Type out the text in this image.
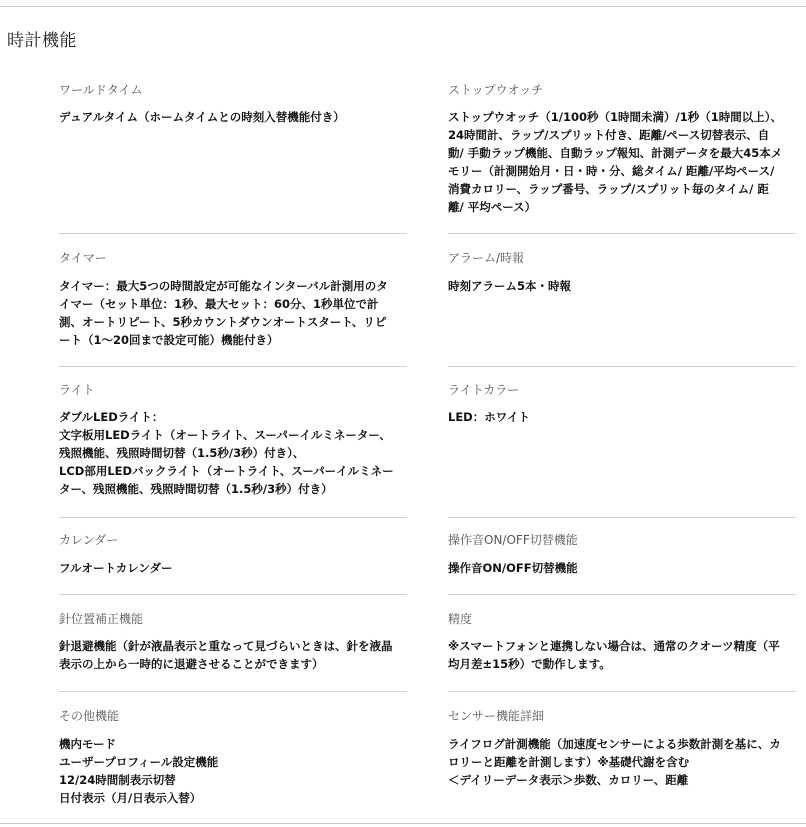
時計機能
ワールドタイム
デュアルタイム（ホームタイムとの時刻入替機能付き）
タイマー
タイマー：最大5つの時間設定が可能なインターバル計測用のタ
イマー（セット単位：1秒、最大セット：60分、1秒単位で計
測、オートリピート、5秒カウントダウンオートスタート、リピ
ート（1〜20回まで設定可能）機能付き）
ライト
ダブルLEDライト：
文字板用LEDライト（オートライト、スーパーイルミネーター、
残照機能、残照時間切替（1.5秒/3秒）付き）、
LCD部用LEDバックライト（オートライト、スーパーイルミネー
ター、残照機能、残照時間切替（1.5秒/3秒）付き）
カレンダー
フルオートカレンダー
針位置補正機能
針退避機能（針が液晶表示と重なって見づらいときは、針を液晶
表示の上から一時的に退避させることができます）
その他機能
機内モード
ユーザープロフィール設定機能
12/24時間制表示切替
日付表示（月/日表示入替）
ストップウオッチ
ストップウオッチ（1/100秒（1時間未満）/1秒（1時間以上）、
24時間計、ラップ/スプリット付き、距離/ペース切替表示、自
動/ 手動ラップ機能、自動ラップ報知、計測データを最大45本メ
モリー（計測開始月・日・時・分、総タイム/ 距離/平均ペース/
消費カロリー、ラップ番号、ラップ/スプリット毎のタイム/ 距
離/ 平均ペース）
アラーム/時報
時刻アラーム5本・時報
ライトカラー
LED：ホワイト
操作音ON/OFF切替機能
操作音ON/OFF切替機能
精度
※スマートフォンと連携しない場合は、通常のクオーツ精度（平
均月差±15秒）で動作します。
センサー機能詳細
ライフログ計測機能（加速度センサーによる歩数計測を基に、カ
ロリーと距離を計測します）※基礎代謝を含む
＜デイリーデータ表示＞歩数、カロリー、距離
